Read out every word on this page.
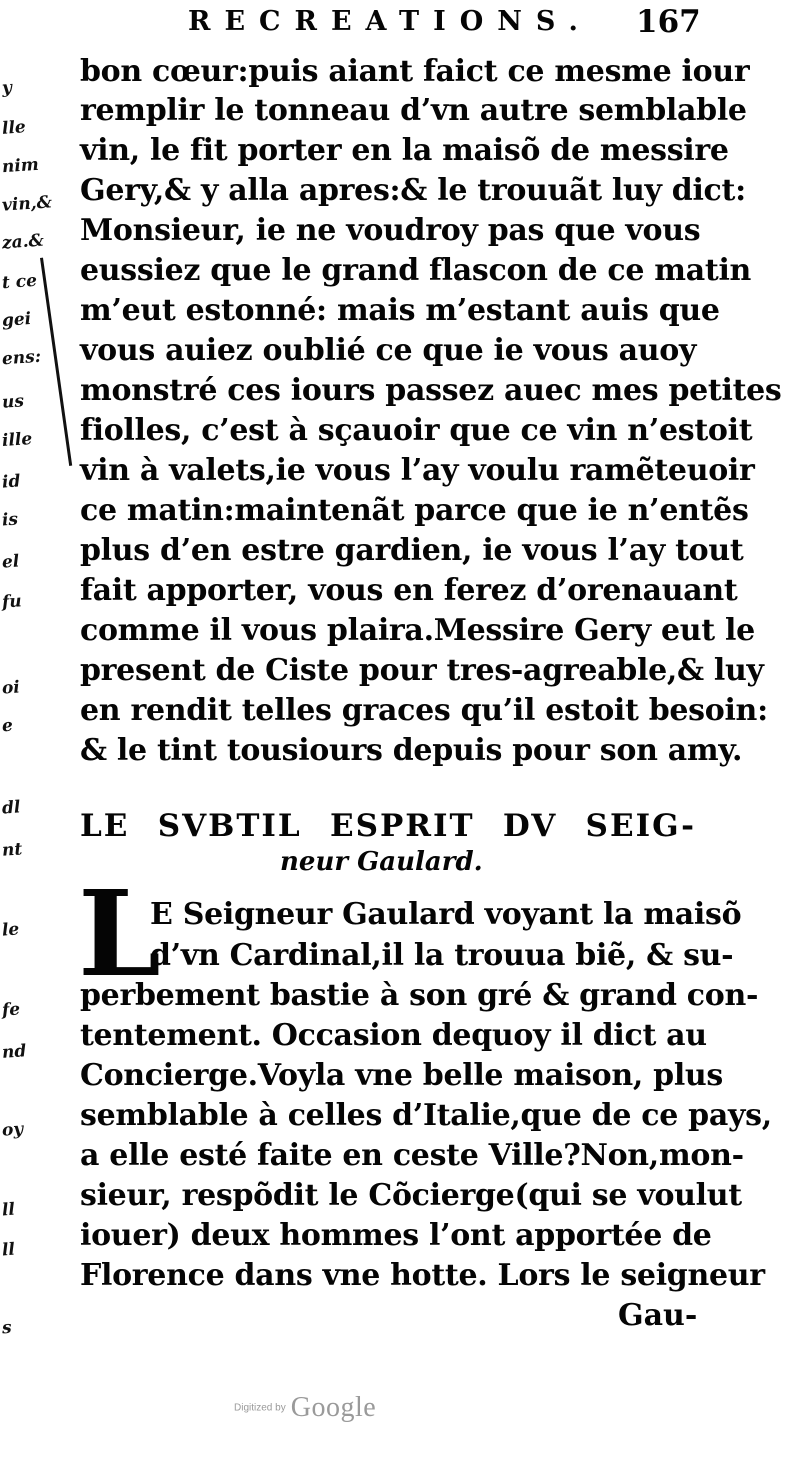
RECREATIONS. 167
bon cœur:puis aiant faict ce mesme iour
remplir le tonneau d’vn autre semblable
vin, le fit porter en la maisõ de messire
Gery,& y alla apres:& le trouuãt luy dict:
Monsieur, ie ne voudroy pas que vous
eussiez que le grand flascon de ce matin
m’eut estonné: mais m’estant auis que
vous auiez oublié ce que ie vous auoy
monstré ces iours passez auec mes petites
fiolles, c’est à sçauoir que ce vin n’estoit
vin à valets,ie vous l’ay voulu ramẽteuoir
ce matin:maintenãt parce que ie n’entẽs
plus d’en estre gardien, ie vous l’ay tout
fait apporter, vous en ferez d’orenauant
comme il vous plaira.Messire Gery eut le
present de Ciste pour tres-agreable,& luy
en rendit telles graces qu’il estoit besoin:
& le tint tousiours depuis pour son amy.
LE SVBTIL ESPRIT DV SEIG-
neur Gaulard.
L
E Seigneur Gaulard voyant la maisõ
d’vn Cardinal,il la trouua biẽ, & su-
perbement bastie à son gré & grand con-
tentement. Occasion dequoy il dict au
Concierge.Voyla vne belle maison, plus
semblable à celles d’Italie,que de ce pays,
a elle esté faite en ceste Ville?Non,mon-
sieur, respõdit le Cõcierge(qui se voulut
iouer) deux hommes l’ont apportée de
Florence dans vne hotte. Lors le seigneur
Gau-
y
lle
nim
vin,&
za.&
t ce
gei
ens:
us
ille
id
is
el
fu
oi
e
dl
nt
le
fe
nd
oy
ll
ll
s
Digitized by Google
